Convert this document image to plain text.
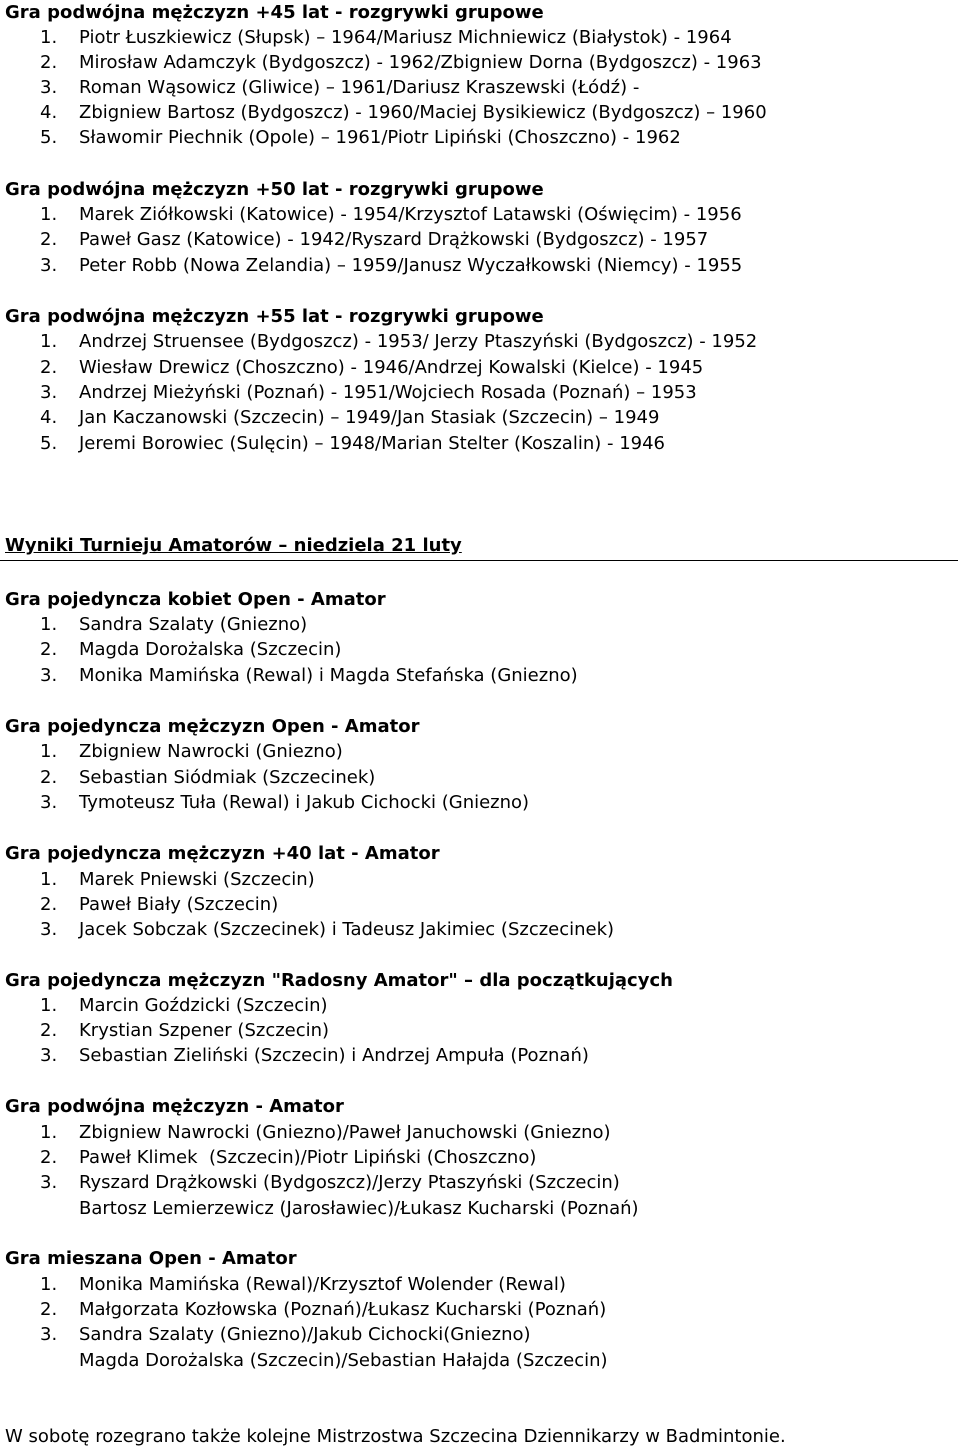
Gra podwójna mężczyzn +45 lat - rozgrywki grupowe
1. Piotr Łuszkiewicz (Słupsk) – 1964/Mariusz Michniewicz (Białystok) - 1964
2. Mirosław Adamczyk (Bydgoszcz) - 1962/Zbigniew Dorna (Bydgoszcz) - 1963
3. Roman Wąsowicz (Gliwice) – 1961/Dariusz Kraszewski (Łódź) -
4. Zbigniew Bartosz (Bydgoszcz) - 1960/Maciej Bysikiewicz (Bydgoszcz) – 1960
5. Sławomir Piechnik (Opole) – 1961/Piotr Lipiński (Choszczno) - 1962
Gra podwójna mężczyzn +50 lat - rozgrywki grupowe
1. Marek Ziółkowski (Katowice) - 1954/Krzysztof Latawski (Oświęcim) - 1956
2. Paweł Gasz (Katowice) - 1942/Ryszard Drążkowski (Bydgoszcz) - 1957
3. Peter Robb (Nowa Zelandia) – 1959/Janusz Wyczałkowski (Niemcy) - 1955
Gra podwójna mężczyzn +55 lat - rozgrywki grupowe
1. Andrzej Struensee (Bydgoszcz) - 1953/ Jerzy Ptaszyński (Bydgoszcz) - 1952
2. Wiesław Drewicz (Choszczno) - 1946/Andrzej Kowalski (Kielce) - 1945
3. Andrzej Mieżyński (Poznań) - 1951/Wojciech Rosada (Poznań) – 1953
4. Jan Kaczanowski (Szczecin) – 1949/Jan Stasiak (Szczecin) – 1949
5. Jeremi Borowiec (Sulęcin) – 1948/Marian Stelter (Koszalin) - 1946
Wyniki Turnieju Amatorów – niedziela 21 luty
Gra pojedyncza kobiet Open - Amator
1. Sandra Szalaty (Gniezno)
2. Magda Dorożalska (Szczecin)
3. Monika Mamińska (Rewal) i Magda Stefańska (Gniezno)
Gra pojedyncza mężczyzn Open - Amator
1. Zbigniew Nawrocki (Gniezno)
2. Sebastian Siódmiak (Szczecinek)
3. Tymoteusz Tuła (Rewal) i Jakub Cichocki (Gniezno)
Gra pojedyncza mężczyzn +40 lat - Amator
1. Marek Pniewski (Szczecin)
2. Paweł Biały (Szczecin)
3. Jacek Sobczak (Szczecinek) i Tadeusz Jakimiec (Szczecinek)
Gra pojedyncza mężczyzn "Radosny Amator" – dla początkujących
1. Marcin Goździcki (Szczecin)
2. Krystian Szpener (Szczecin)
3. Sebastian Zieliński (Szczecin) i Andrzej Ampuła (Poznań)
Gra podwójna mężczyzn - Amator
1. Zbigniew Nawrocki (Gniezno)/Paweł Januchowski (Gniezno)
2. Paweł Klimek  (Szczecin)/Piotr Lipiński (Choszczno)
3. Ryszard Drążkowski (Bydgoszcz)/Jerzy Ptaszyński (Szczecin)
Bartosz Lemierzewicz (Jarosławiec)/Łukasz Kucharski (Poznań)
Gra mieszana Open - Amator
1. Monika Mamińska (Rewal)/Krzysztof Wolender (Rewal)
2. Małgorzata Kozłowska (Poznań)/Łukasz Kucharski (Poznań)
3. Sandra Szalaty (Gniezno)/Jakub Cichocki(Gniezno)
Magda Dorożalska (Szczecin)/Sebastian Hałajda (Szczecin)
W sobotę rozegrano także kolejne Mistrzostwa Szczecina Dziennikarzy w Badmintonie.
